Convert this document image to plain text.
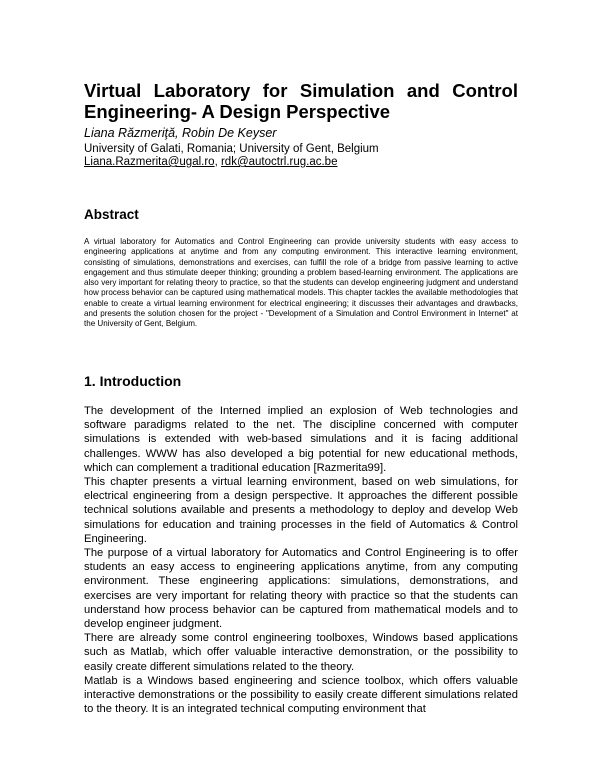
Virtual Laboratory for Simulation and Control
Engineering- A Design Perspective

Liana Răzmeriţă, Robin De Keyser

University of Galati, Romania; University of Gent, Belgium

Liana.Razmerita@ugal.ro, rdk@autoctrl.rug.ac.be

Abstract

A virtual laboratory for Automatics and Control Engineering can provide university students with easy access to engineering applications at anytime and from any computing environment. This interactive learning environment, consisting of simulations, demonstrations and exercises, can fulfill the role of a bridge from passive learning to active engagement and thus stimulate deeper thinking; grounding a problem based-learning environment. The applications are also very important for relating theory to practice, so that the students can develop engineering judgment and understand how process behavior can be captured using mathematical models. This chapter tackles the available methodologies that enable to create a virtual learning environment for electrical engineering; it discusses their advantages and drawbacks, and presents the solution chosen for the project - "Development of a Simulation and Control Environment in Internet" at the University of Gent, Belgium.

1. Introduction

The development of the Interned implied an explosion of Web technologies and software paradigms related to the net. The discipline concerned with computer simulations is extended with web-based simulations and it is facing additional challenges. WWW has also developed a big potential for new educational methods, which can complement a traditional education [Razmerita99].

This chapter presents a virtual learning environment, based on web simulations, for electrical engineering from a design perspective. It approaches the different possible technical solutions available and presents a methodology to deploy and develop Web simulations for education and training processes in the field of Automatics & Control Engineering.

The purpose of a virtual laboratory for Automatics and Control Engineering is to offer students an easy access to engineering applications anytime, from any computing environment. These engineering applications: simulations, demonstrations, and exercises are very important for relating theory with practice so that the students can understand how process behavior can be captured from mathematical models and to develop engineer judgment.

There are already some control engineering toolboxes, Windows based applications such as Matlab, which offer valuable interactive demonstration, or the possibility to easily create different simulations related to the theory.

Matlab is a Windows based engineering and science toolbox, which offers valuable interactive demonstrations or the possibility to easily create different simulations related to the theory. It is an integrated technical computing environment that
